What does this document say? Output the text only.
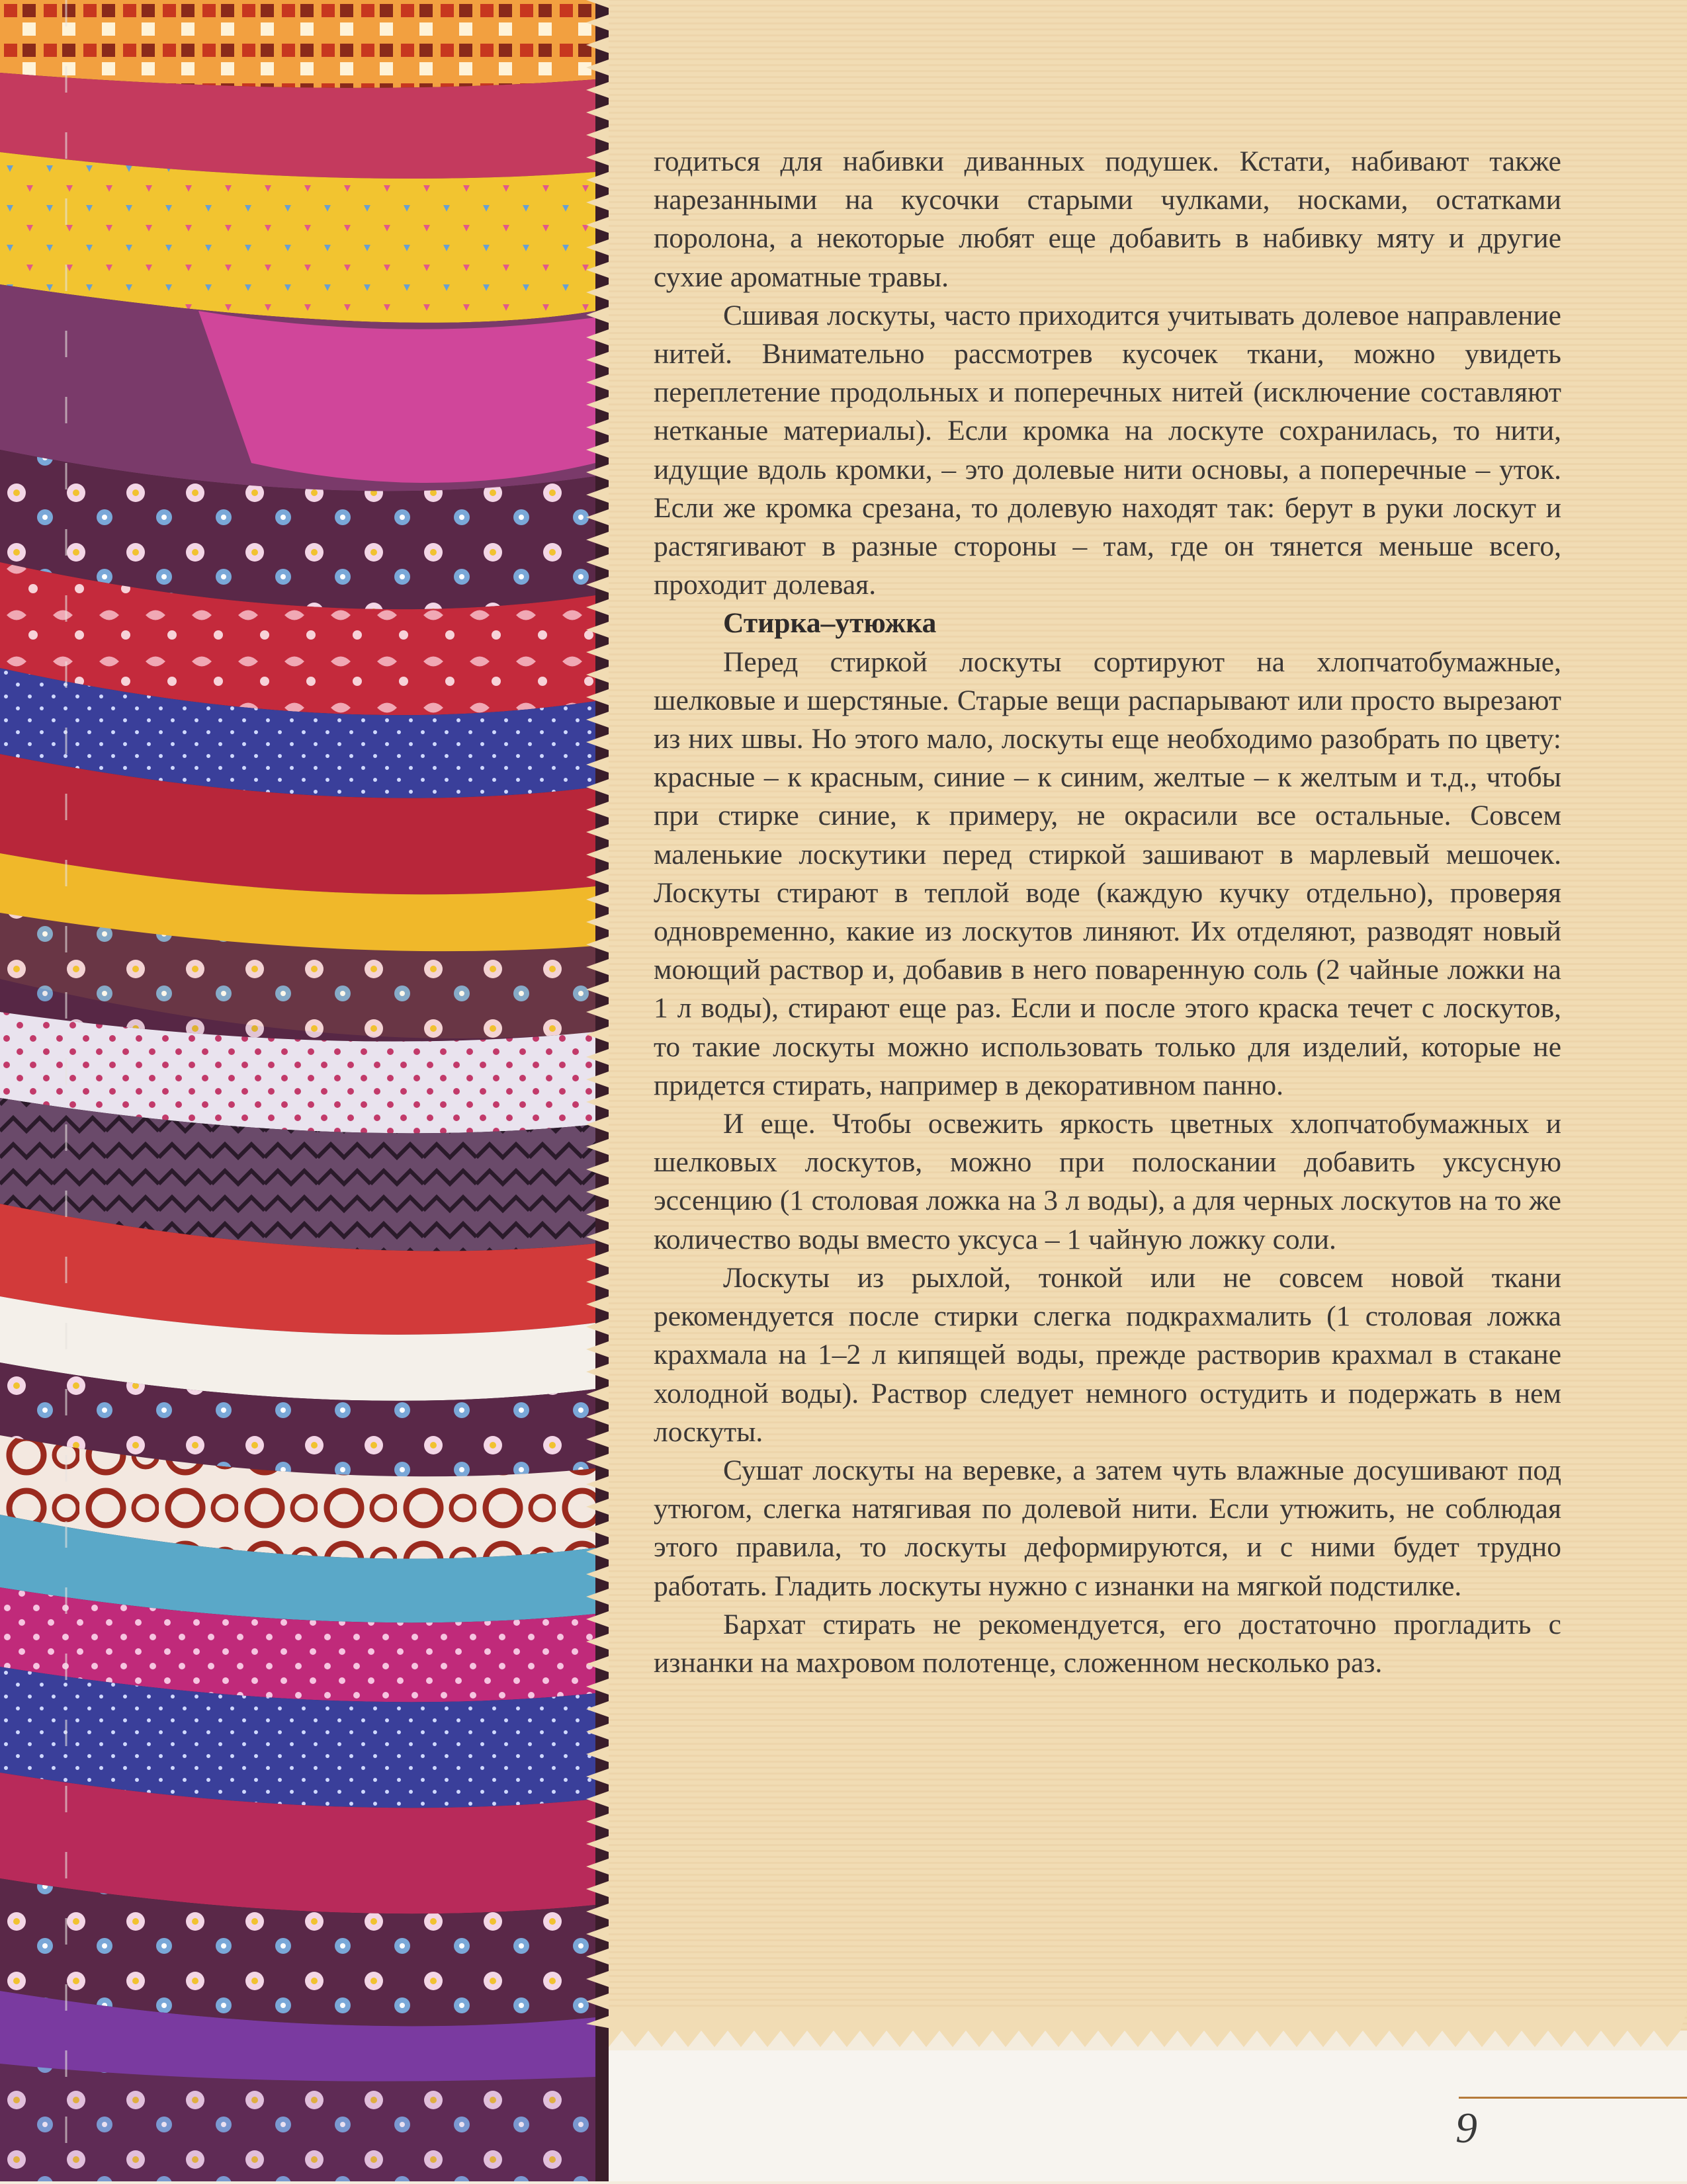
9

годиться для набивки диванных подушек. Кстати, набивают также нарезанными на кусочки старыми чулками, носками, остатками поролона, а некоторые любят еще добавить в набивку мяту и другие сухие ароматные травы.

Сшивая лоскуты, часто приходится учитывать долевое направление нитей. Внимательно рассмотрев кусочек ткани, можно увидеть переплетение продольных и поперечных нитей (исключение составляют нетканые материалы). Если кромка на лоскуте сохранилась, то нити, идущие вдоль кромки, – это долевые нити основы, а поперечные – уток. Если же кромка срезана, то долевую находят так: берут в руки лоскут и растягивают в разные стороны – там, где он тянется меньше всего, проходит долевая.

Стирка–утюжка

Перед стиркой лоскуты сортируют на хлопчатобумажные, шелковые и шерстяные. Старые вещи распарывают или просто вырезают из них швы. Но этого мало, лоскуты еще необходимо разобрать по цвету: красные – к красным, синие – к синим, желтые – к желтым и т.д., чтобы при стирке синие, к примеру, не окрасили все остальные. Совсем маленькие лоскутики перед стиркой зашивают в марлевый мешочек. Лоскуты стирают в теплой воде (каждую кучку отдельно), проверяя одновременно, какие из лоскутов линяют. Их отделяют, разводят новый моющий раствор и, добавив в него поваренную соль (2 чайные ложки на 1 л воды), стирают еще раз. Если и после этого краска течет с лоскутов, то такие лоскуты можно использовать только для изделий, которые не придется стирать, например в декоративном панно.

И еще. Чтобы освежить яркость цветных хлопчатобумажных и шелковых лоскутов, можно при полоскании добавить уксусную эссенцию (1 столовая ложка на 3 л воды), а для черных лоскутов на то же количество воды вместо уксуса – 1 чайную ложку соли.

Лоскуты из рыхлой, тонкой или не совсем новой ткани рекомендуется после стирки слегка подкрахмалить (1 столовая ложка крахмала на 1–2 л кипящей воды, прежде растворив крахмал в стакане холодной воды). Раствор следует немного остудить и подержать в нем лоскуты.

Сушат лоскуты на веревке, а затем чуть влажные досушивают под утюгом, слегка натягивая по долевой нити. Если утюжить, не соблюдая этого правила, то лоскуты деформируются, и с ними будет трудно работать. Гладить лоскуты нужно с изнанки на мягкой подстилке.

Бархат стирать не рекомендуется, его достаточно прогладить с изнанки на махровом полотенце, сложенном несколько раз.
